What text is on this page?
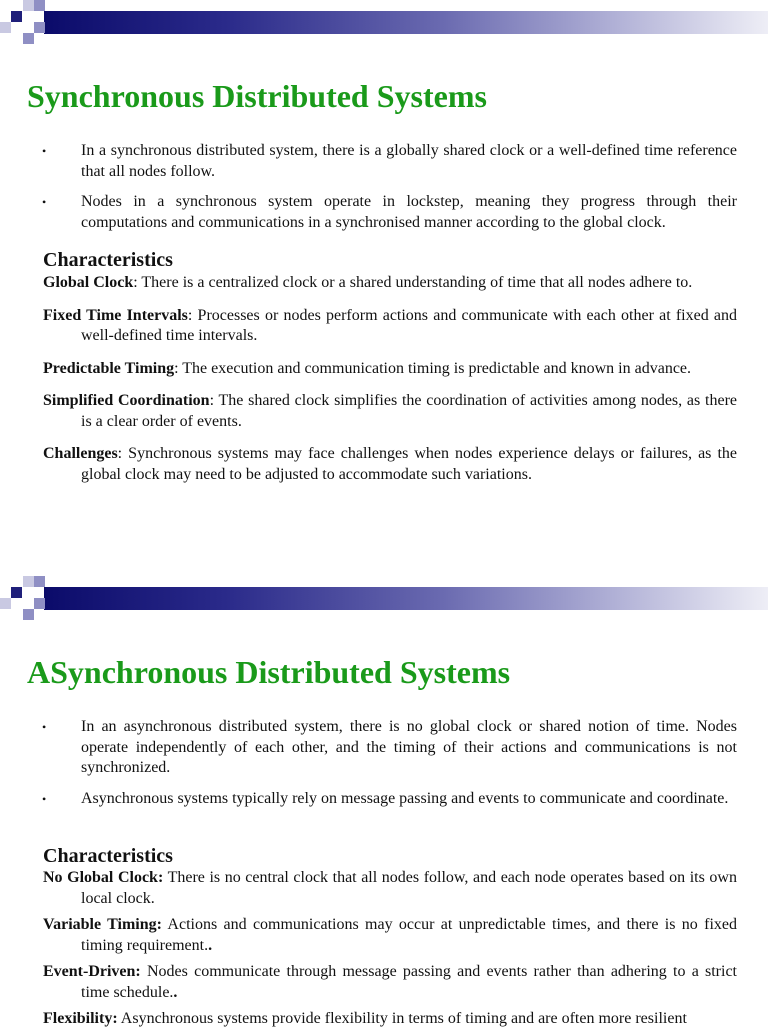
Synchronous Distributed Systems
• In a synchronous distributed system, there is a globally shared clock or a well-defined time reference that all nodes follow.
• Nodes in a synchronous system operate in lockstep, meaning they progress through their computations and communications in a synchronised manner according to the global clock.
Characteristics

Global Clock: There is a centralized clock or a shared understanding of time that all nodes adhere to.

Fixed Time Intervals: Processes or nodes perform actions and communicate with each other at fixed and well-defined time intervals.

Predictable Timing: The execution and communication timing is predictable and known in advance.

Simplified Coordination: The shared clock simplifies the coordination of activities among nodes, as there is a clear order of events.

Challenges: Synchronous systems may face challenges when nodes experience delays or failures, as the global clock may need to be adjusted to accommodate such variations.

ASynchronous Distributed Systems
• In an asynchronous distributed system, there is no global clock or shared notion of time. Nodes operate independently of each other, and the timing of their actions and communications is not synchronized.
• Asynchronous systems typically rely on message passing and events to communicate and coordinate.
Characteristics

No Global Clock: There is no central clock that all nodes follow, and each node operates based on its own local clock.

Variable Timing: Actions and communications may occur at unpredictable times, and there is no fixed timing requirement..

Event-Driven: Nodes communicate through message passing and events rather than adhering to a strict time schedule..

Flexibility: Asynchronous systems provide flexibility in terms of timing and are often more resilient
